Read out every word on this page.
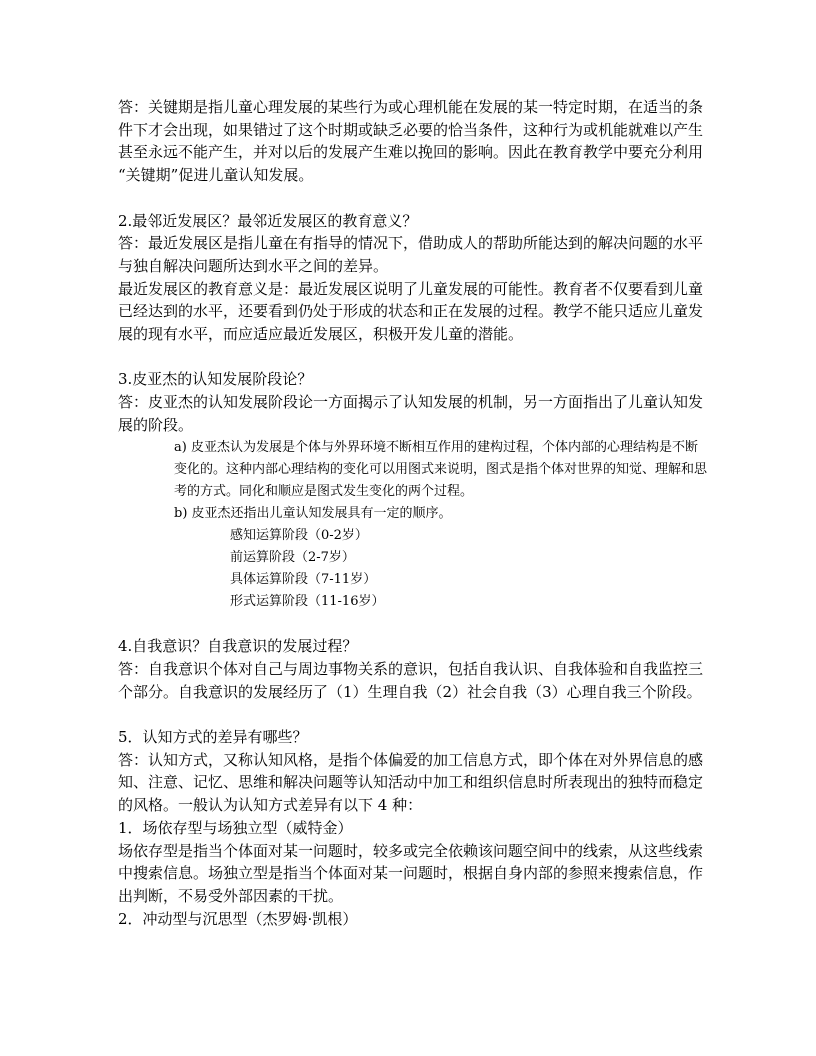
答：关键期是指儿童心理发展的某些行为或心理机能在发展的某一特定时期，在适当的条件下才会出现，如果错过了这个时期或缺乏必要的恰当条件，这种行为或机能就难以产生甚至永远不能产生，并对以后的发展产生难以挽回的影响。因此在教育教学中要充分利用 “关键期”促进儿童认知发展。

2.最邻近发展区？最邻近发展区的教育意义？

答：最近发展区是指儿童在有指导的情况下，借助成人的帮助所能达到的解决问题的水平与独自解决问题所达到水平之间的差异。

最近发展区的教育意义是：最近发展区说明了儿童发展的可能性。教育者不仅要看到儿童已经达到的水平，还要看到仍处于形成的状态和正在发展的过程。教学不能只适应儿童发展的现有水平，而应适应最近发展区，积极开发儿童的潜能。

3.皮亚杰的认知发展阶段论？

答：皮亚杰的认知发展阶段论一方面揭示了认知发展的机制，另一方面指出了儿童认知发展的阶段。

a) 皮亚杰认为发展是个体与外界环境不断相互作用的建构过程，个体内部的心理结构是不断变化的。这种内部心理结构的变化可以用图式来说明，图式是指个体对世界的知觉、理解和思考的方式。同化和顺应是图式发生变化的两个过程。

b) 皮亚杰还指出儿童认知发展具有一定的顺序。

感知运算阶段（0-2岁）

前运算阶段（2-7岁）

具体运算阶段（7-11岁）

形式运算阶段（11-16岁）

4.自我意识？自我意识的发展过程？

答：自我意识个体对自己与周边事物关系的意识，包括自我认识、自我体验和自我监控三个部分。自我意识的发展经历了（1）生理自我（2）社会自我（3）心理自我三个阶段。

5．认知方式的差异有哪些？

答：认知方式，又称认知风格，是指个体偏爱的加工信息方式，即个体在对外界信息的感知、注意、记忆、思维和解决问题等认知活动中加工和组织信息时所表现出的独特而稳定的风格。一般认为认知方式差异有以下 4 种：

1．场依存型与场独立型（威特金）

场依存型是指当个体面对某一问题时，较多或完全依赖该问题空间中的线索，从这些线索中搜索信息。场独立型是指当个体面对某一问题时，根据自身内部的参照来搜索信息，作出判断，不易受外部因素的干扰。

2．冲动型与沉思型（杰罗姆·凯根）
